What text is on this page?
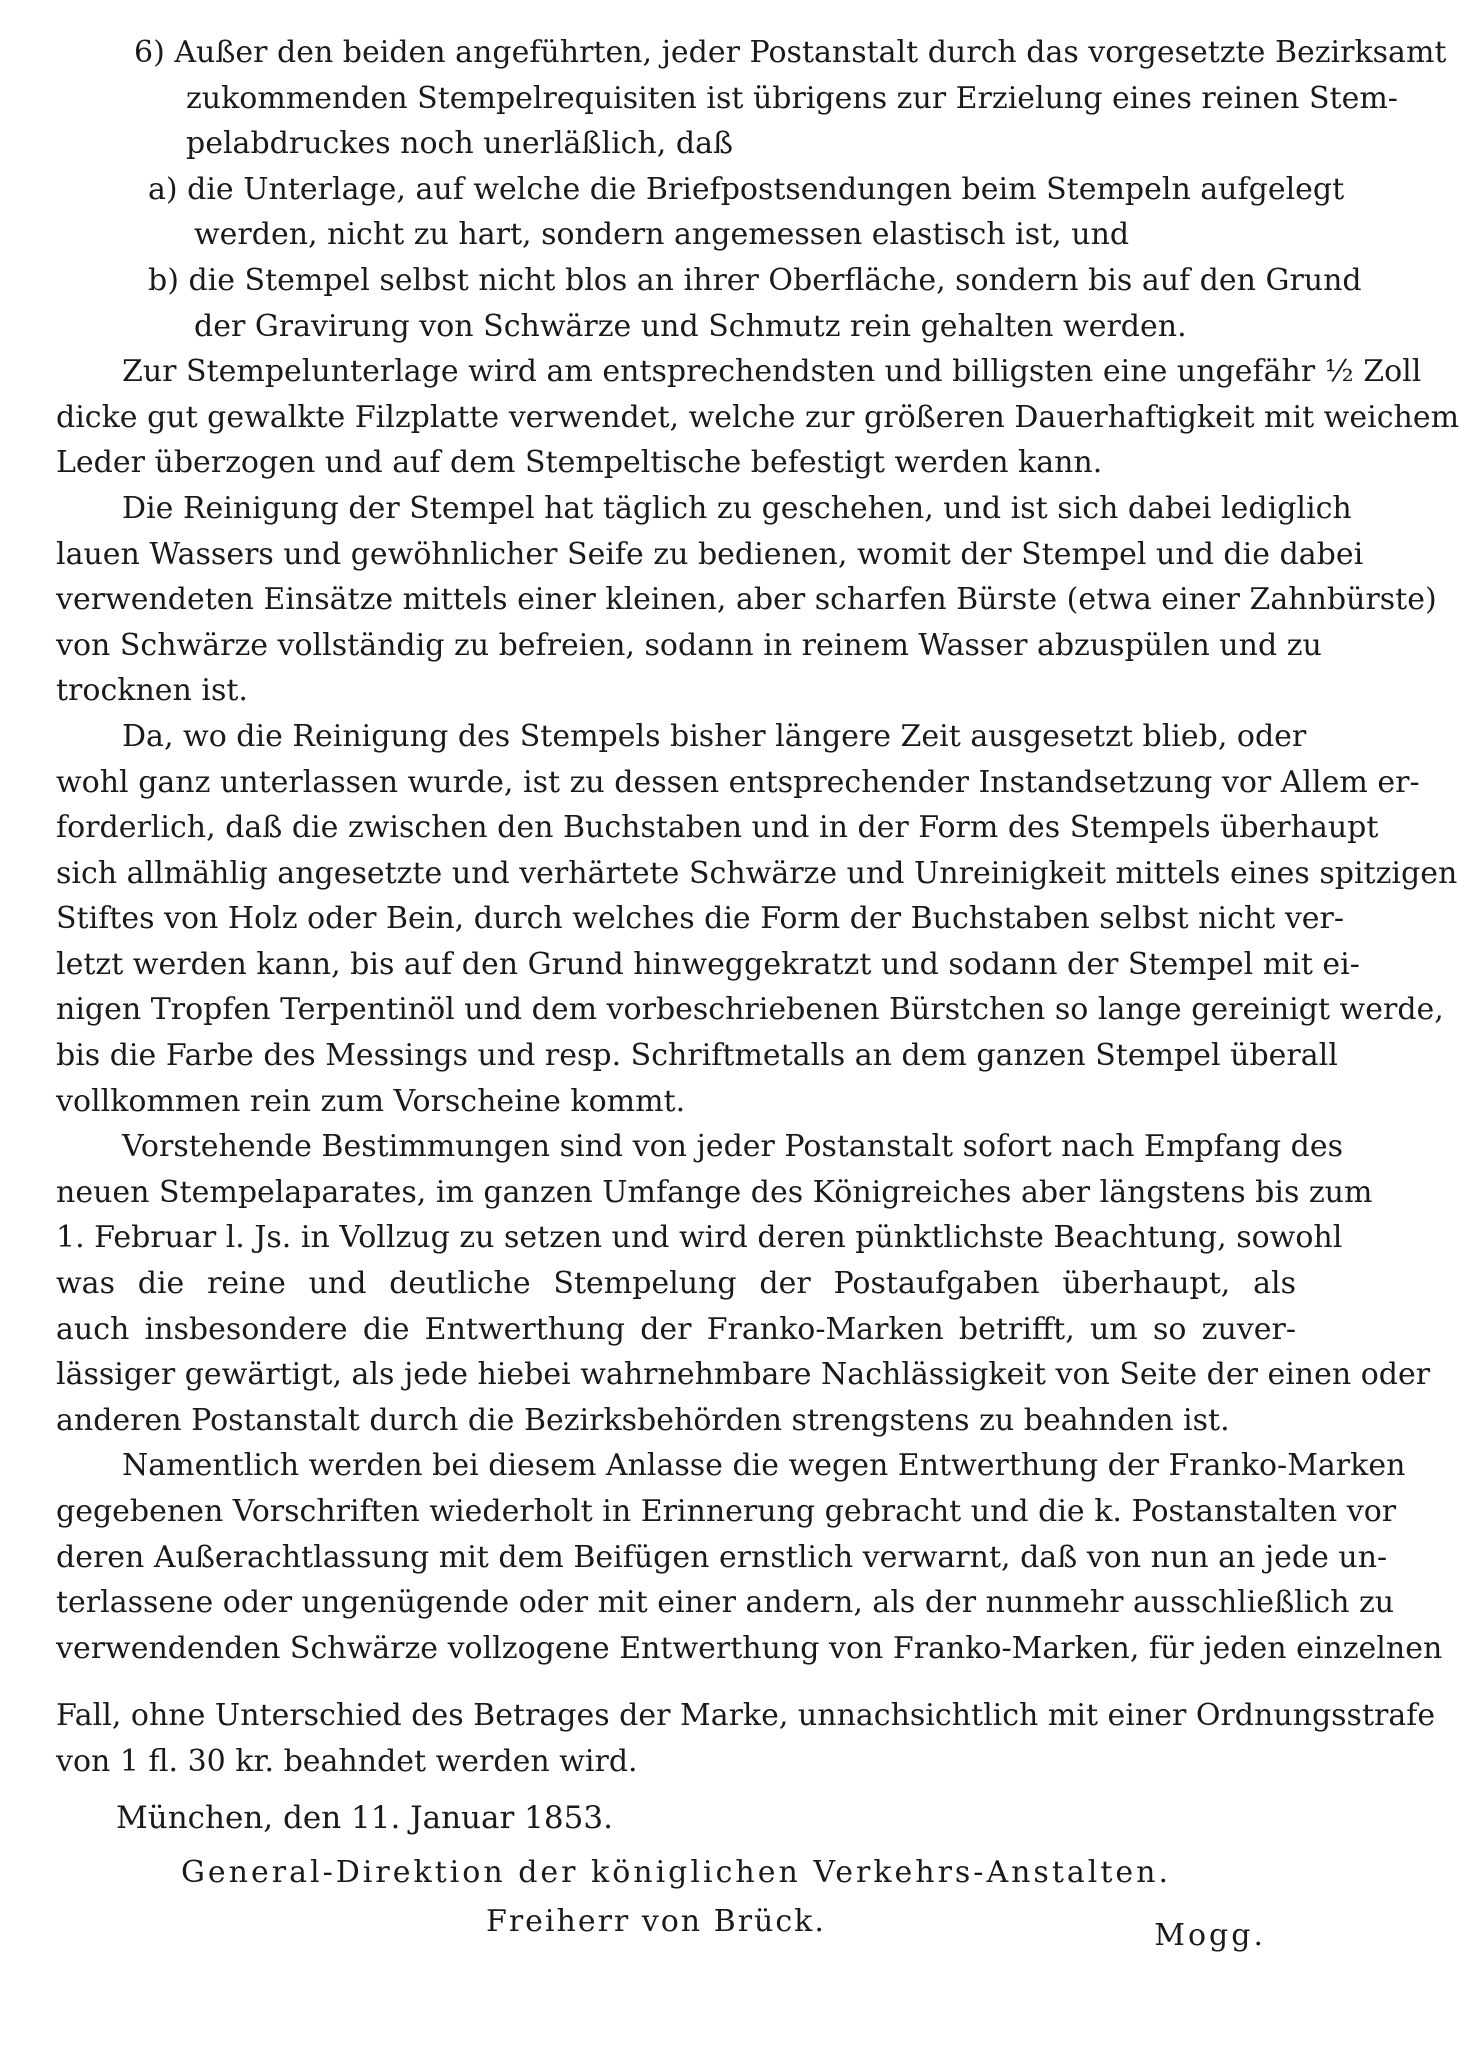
6) Außer den beiden angeführten, jeder Postanstalt durch das vorgesetzte Bezirksamt
zukommenden Stempelrequisiten ist übrigens zur Erzielung eines reinen Stem-
pelabdruckes noch unerläßlich, daß
a) die Unterlage, auf welche die Briefpostsendungen beim Stempeln aufgelegt
werden, nicht zu hart, sondern angemessen elastisch ist, und
b) die Stempel selbst nicht blos an ihrer Oberfläche, sondern bis auf den Grund
der Gravirung von Schwärze und Schmutz rein gehalten werden.
Zur Stempelunterlage wird am entsprechendsten und billigsten eine ungefähr ½ Zoll
dicke gut gewalkte Filzplatte verwendet, welche zur größeren Dauerhaftigkeit mit weichem
Leder überzogen und auf dem Stempeltische befestigt werden kann.
Die Reinigung der Stempel hat täglich zu geschehen, und ist sich dabei lediglich
lauen Wassers und gewöhnlicher Seife zu bedienen, womit der Stempel und die dabei
verwendeten Einsätze mittels einer kleinen, aber scharfen Bürste (etwa einer Zahnbürste)
von Schwärze vollständig zu befreien, sodann in reinem Wasser abzuspülen und zu
trocknen ist.
Da, wo die Reinigung des Stempels bisher längere Zeit ausgesetzt blieb, oder
wohl ganz unterlassen wurde, ist zu dessen entsprechender Instandsetzung vor Allem er-
forderlich, daß die zwischen den Buchstaben und in der Form des Stempels überhaupt
sich allmählig angesetzte und verhärtete Schwärze und Unreinigkeit mittels eines spitzigen
Stiftes von Holz oder Bein, durch welches die Form der Buchstaben selbst nicht ver-
letzt werden kann, bis auf den Grund hinweggekratzt und sodann der Stempel mit ei-
nigen Tropfen Terpentinöl und dem vorbeschriebenen Bürstchen so lange gereinigt werde,
bis die Farbe des Messings und resp. Schriftmetalls an dem ganzen Stempel überall
vollkommen rein zum Vorscheine kommt.
Vorstehende Bestimmungen sind von jeder Postanstalt sofort nach Empfang des
neuen Stempelaparates, im ganzen Umfange des Königreiches aber längstens bis zum
1. Februar l. Js. in Vollzug zu setzen und wird deren pünktlichste Beachtung, sowohl
was die reine und deutliche Stempelung der Postaufgaben überhaupt, als
auch insbesondere die Entwerthung der Franko-Marken betrifft, um so zuver-
lässiger gewärtigt, als jede hiebei wahrnehmbare Nachlässigkeit von Seite der einen oder
anderen Postanstalt durch die Bezirksbehörden strengstens zu beahnden ist.
Namentlich werden bei diesem Anlasse die wegen Entwerthung der Franko-Marken
gegebenen Vorschriften wiederholt in Erinnerung gebracht und die k. Postanstalten vor
deren Außerachtlassung mit dem Beifügen ernstlich verwarnt, daß von nun an jede un-
terlassene oder ungenügende oder mit einer andern, als der nunmehr ausschließlich zu
verwendenden Schwärze vollzogene Entwerthung von Franko-Marken, für jeden einzelnen
Fall, ohne Unterschied des Betrages der Marke, unnachsichtlich mit einer Ordnungsstrafe
von 1 fl. 30 kr. beahndet werden wird.
München, den 11. Januar 1853.
General-Direktion der königlichen Verkehrs-Anstalten.
Freiherr von Brück.	Mogg.
